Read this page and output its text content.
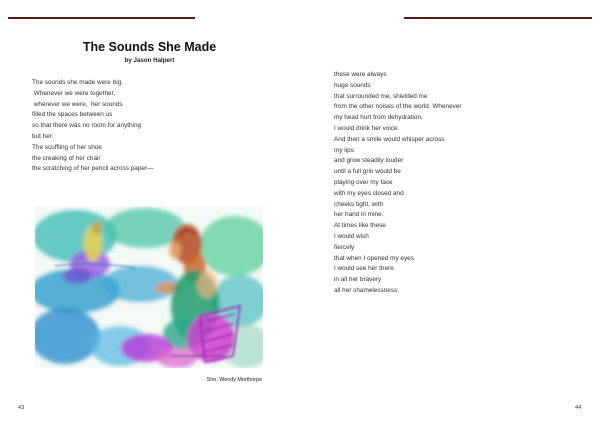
The Sounds She Made
by Jason Halpert
The sounds she made were big.
Whenever we were together,
wherever we were,  her sounds
filled the spaces between us
so that there was no room for anything
but her.
The scuffling of her shoe
the creaking of her chair
the scratching of her pencil across paper—
She, Wendy Morthorpe
these were always
huge sounds
that surrounded me, shielded me
from the other noises of the world. Whenever
my head hurt from dehydration,
I would drink her voice.
And then a smile would whisper across
my lips
and grow steadily louder
until a full grin would be
playing over my face
with my eyes closed and
cheeks tight, with
her hand in mine.
At times like these
I would wish
fiercely
that when I opened my eyes
I would see her there
in all her bravery
all her shamelessness.
43	44
